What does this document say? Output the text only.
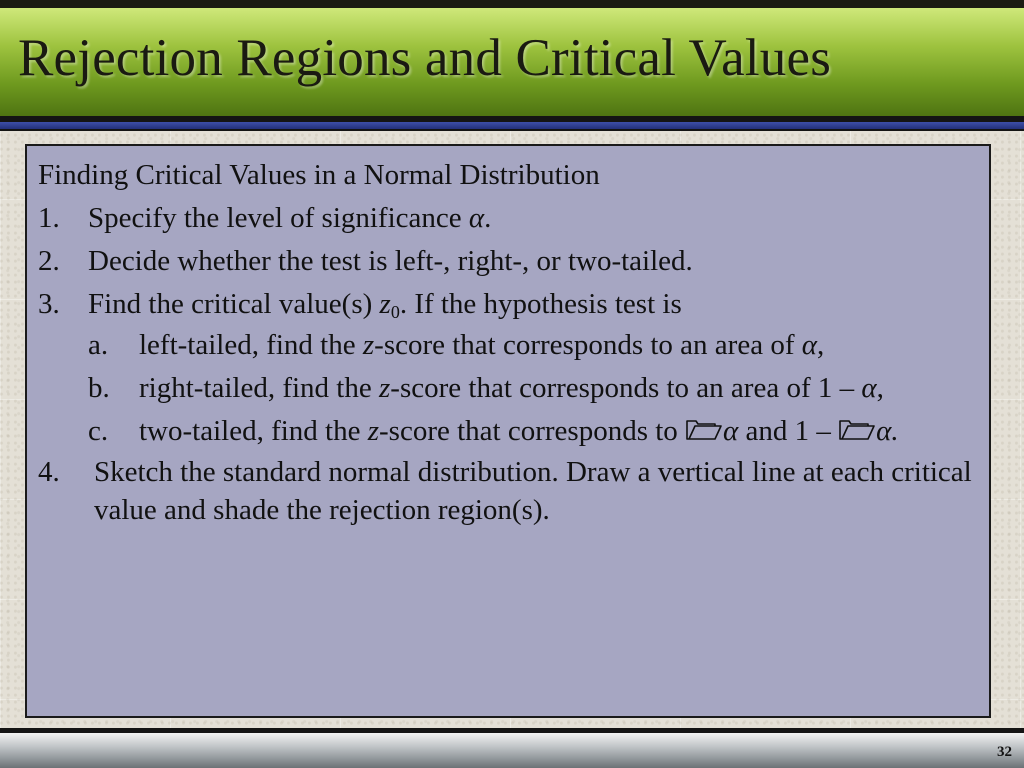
Rejection Regions and Critical Values
Finding Critical Values in a Normal Distribution
1. Specify the level of significance α.
2. Decide whether the test is left-, right-, or two-tailed.
3. Find the critical value(s) $z_0$. If the hypothesis test is
a. left-tailed, find the z-score that corresponds to an area of α,
b. right-tailed, find the z-score that corresponds to an area of 1 – α,
c. two-tailed, find the z-score that corresponds to α and 1 – α.
4. Sketch the standard normal distribution. Draw a vertical line at each critical value and shade the rejection region(s).
32
